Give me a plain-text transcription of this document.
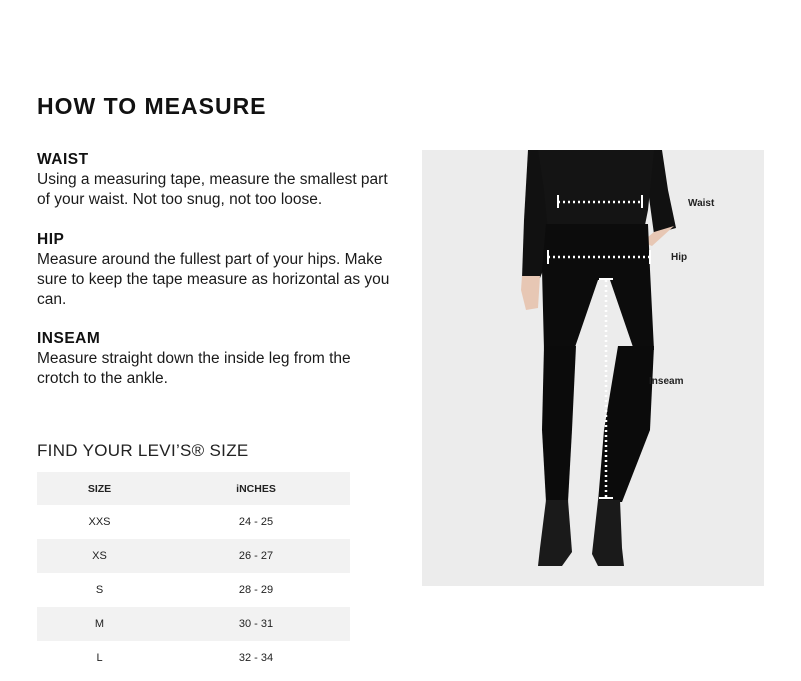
HOW TO MEASURE
WAIST

Using a measuring tape, measure the smallest part of your waist. Not too snug, not too loose.

HIP

Measure around the fullest part of your hips. Make sure to keep the tape measure as horizontal as you can.

INSEAM

Measure straight down the inside leg from the crotch to the ankle.

FIND YOUR LEVI’S® SIZE
SIZE	iNCHES
XXS	24 - 25
XS	26 - 27
S	28 - 29
M	30 - 31
L	32 - 34
Waist
Hip
Inseam
